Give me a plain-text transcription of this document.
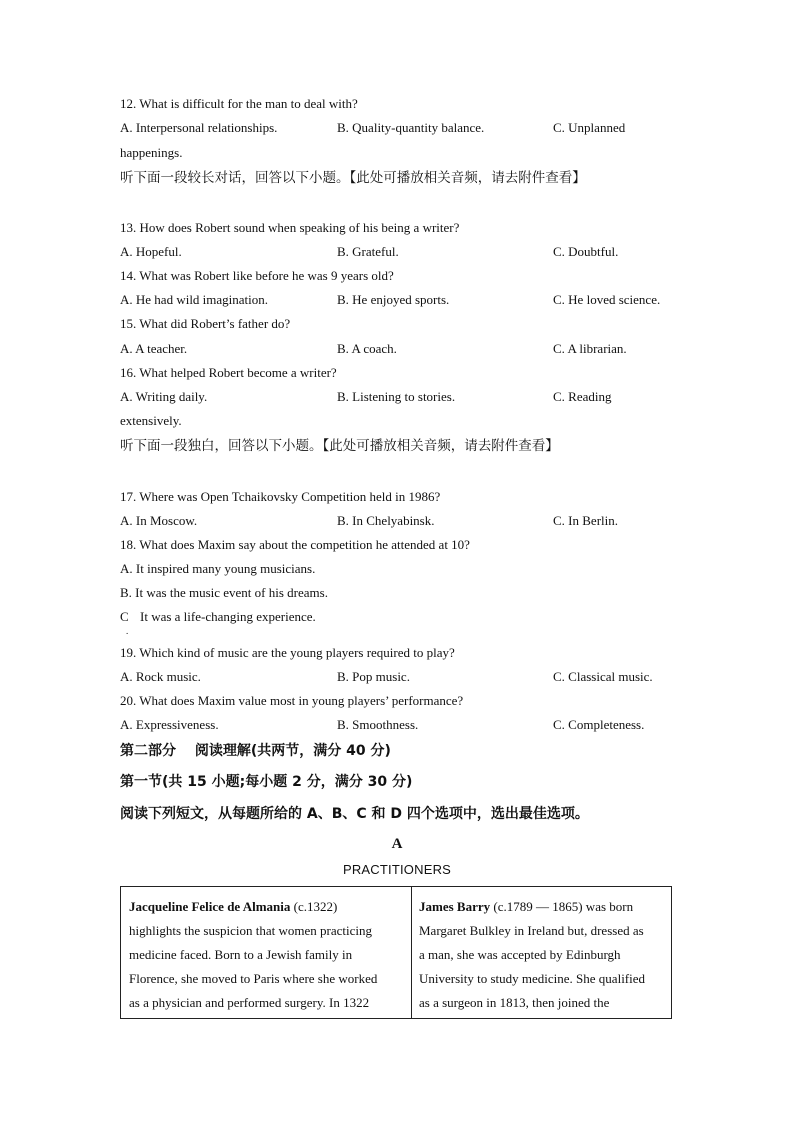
12. What is difficult for the man to deal with?
A. Interpersonal relationships.	B. Quality-quantity balance.	C. Unplanned
happenings.
听下面一段较长对话，回答以下小题。【此处可播放相关音频，请去附件查看】
13. How does Robert sound when speaking of his being a writer?
A. Hopeful.	B. Grateful.	C. Doubtful.
14. What was Robert like before he was 9 years old?
A. He had wild imagination.	B. He enjoyed sports.	C. He loved science.
15. What did Robert’s father do?
A. A teacher.	B. A coach.	C. A librarian.
16. What helped Robert become a writer?
A. Writing daily.	B. Listening to stories.	C. Reading
extensively.
听下面一段独白，回答以下小题。【此处可播放相关音频，请去附件查看】
17. Where was Open Tchaikovsky Competition held in 1986?
A. In Moscow.	B. In Chelyabinsk.	C. In Berlin.
18. What does Maxim say about the competition he attended at 10?
A. It inspired many young musicians.
B. It was the music event of his dreams.
C It was a life-changing experience.
.
19. Which kind of music are the young players required to play?
A. Rock music.	B. Pop music.	C. Classical music.
20. What does Maxim value most in young players’ performance?
A. Expressiveness.	B. Smoothness.	C. Completeness.
第二部分　 阅读理解(共两节，满分 40 分)
第一节(共 15 小题;每小题 2 分，满分 30 分)
阅读下列短文，从每题所给的 A、B、C 和 D 四个选项中，选出最佳选项。
A
PRACTITIONERS
Jacqueline Felice de Almania (c.1322)
highlights the suspicion that women practicing
medicine faced. Born to a Jewish family in
Florence, she moved to Paris where she worked
as a physician and performed surgery. In 1322
James Barry (c.1789 — 1865) was born
Margaret Bulkley in Ireland but, dressed as
a man, she was accepted by Edinburgh
University to study medicine. She qualified
as a surgeon in 1813, then joined the
